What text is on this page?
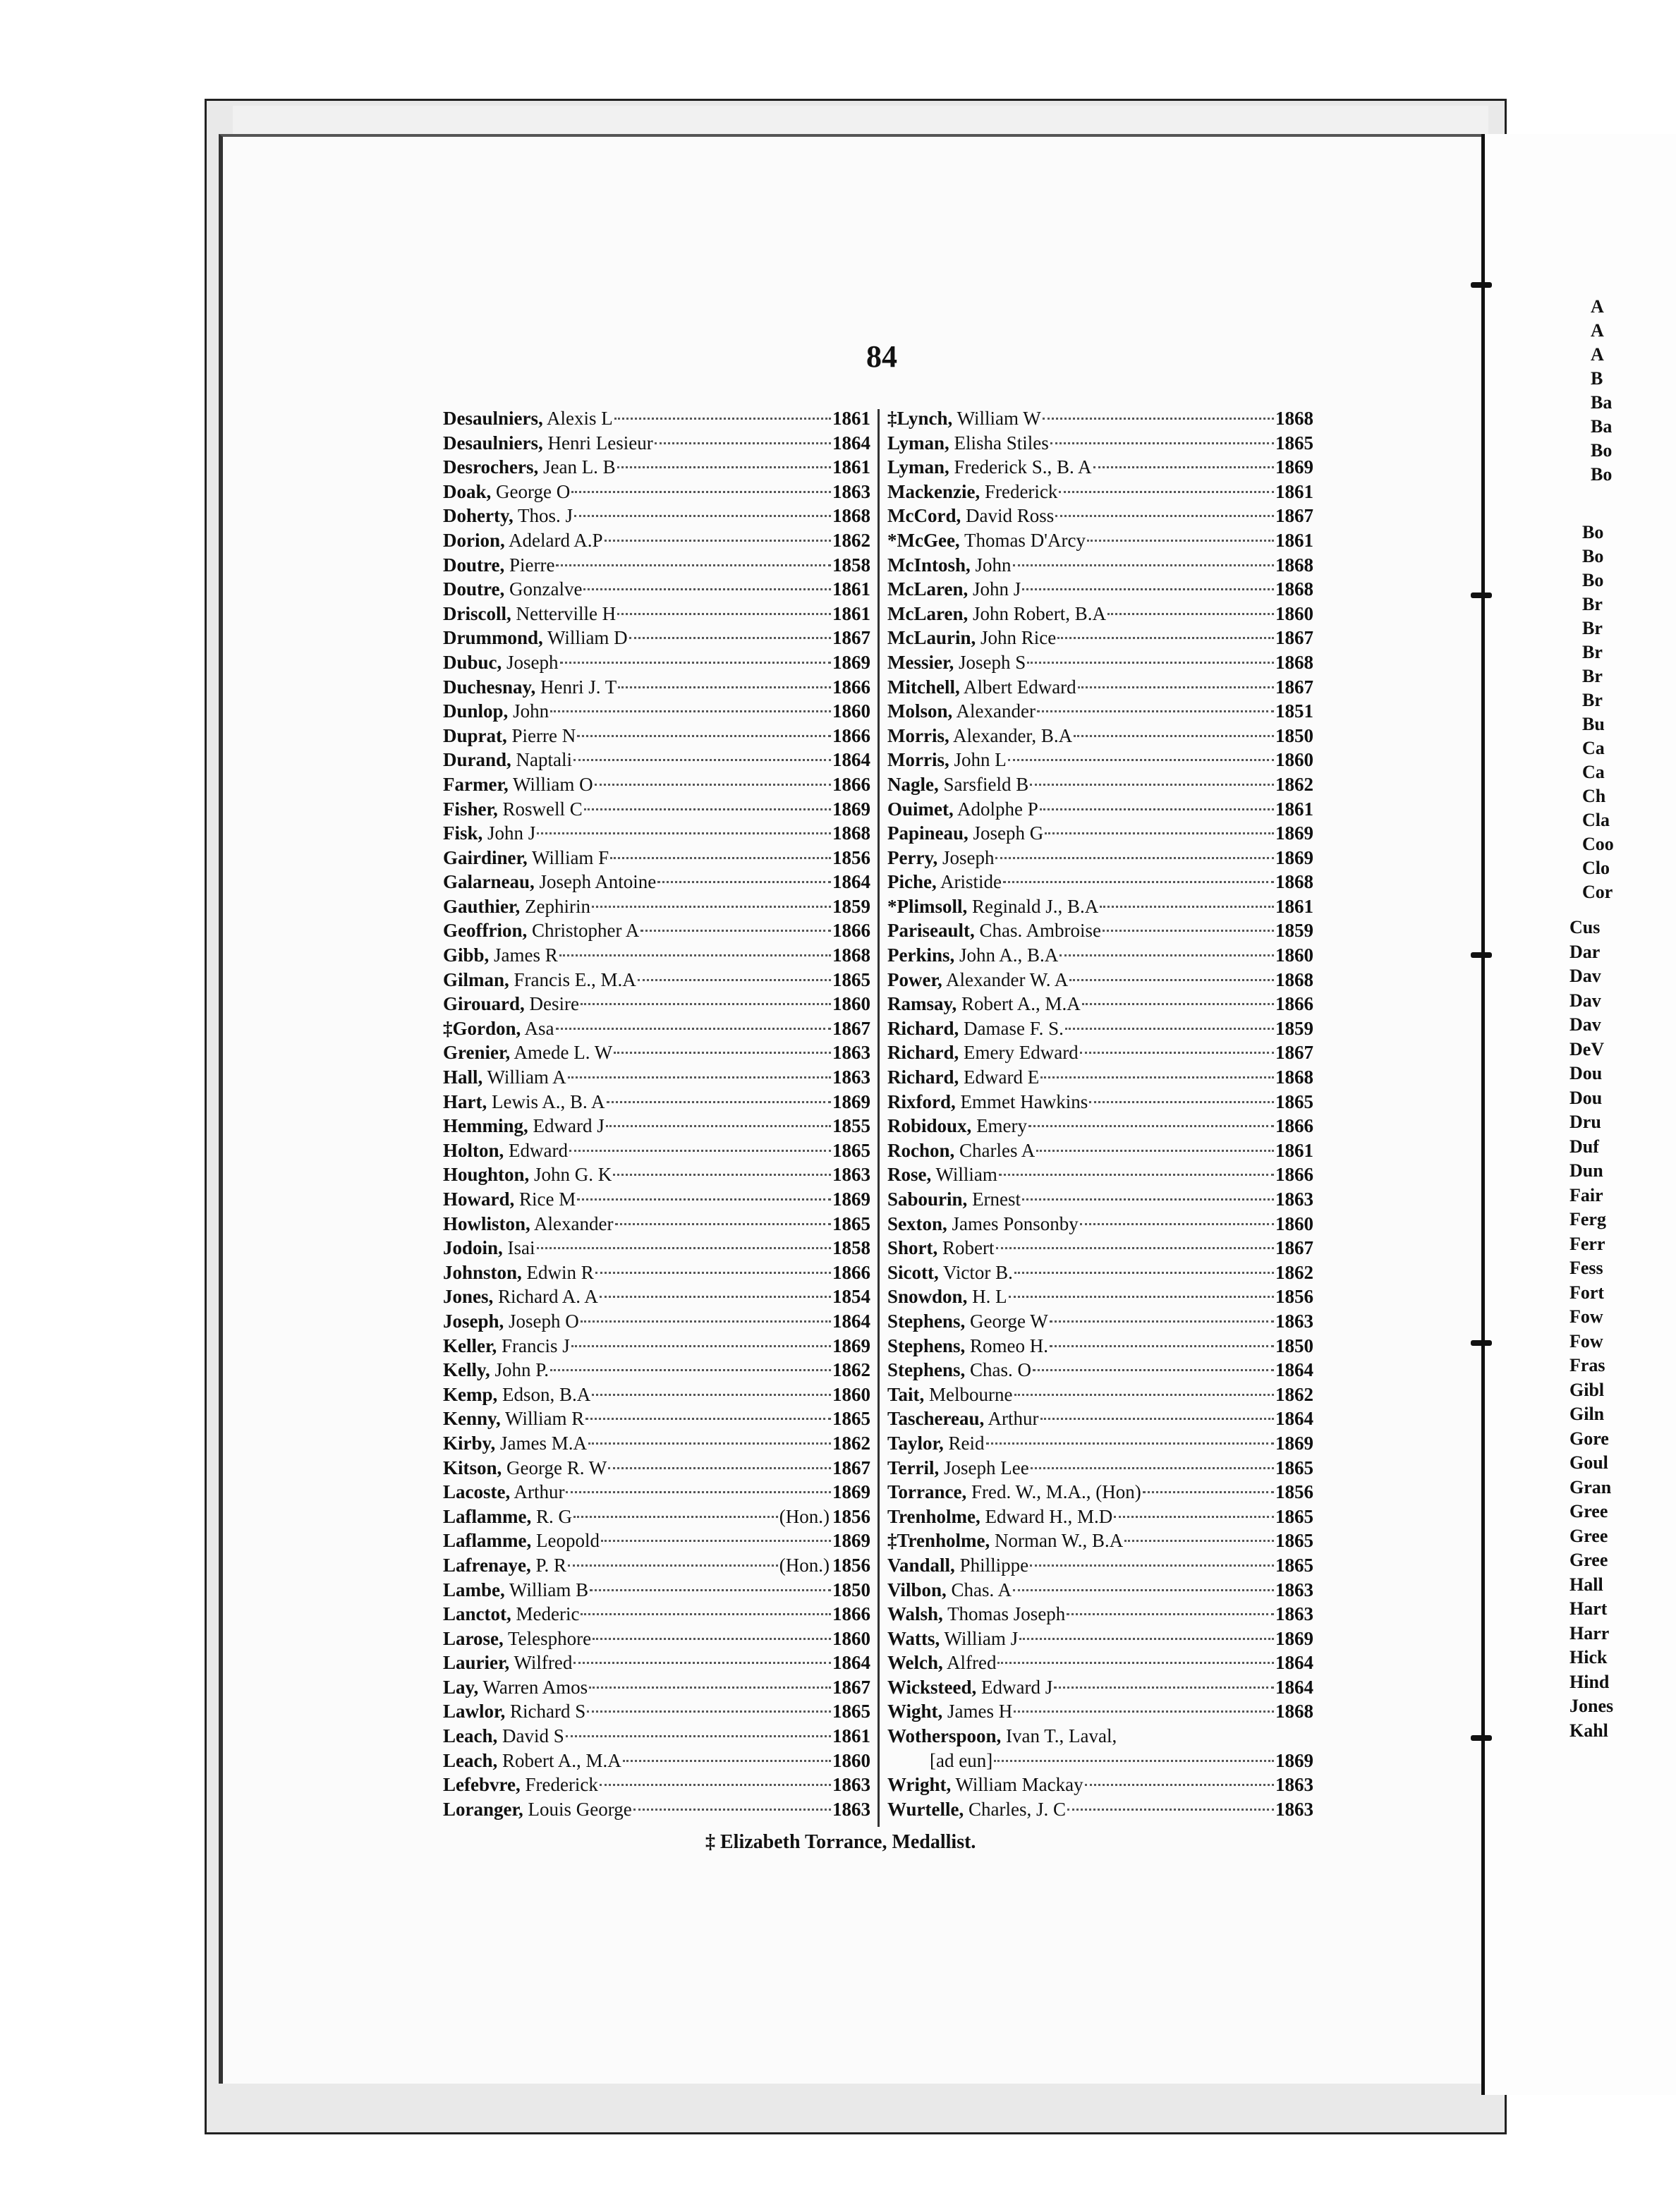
A
A
A
B
Ba
Ba
Bo
Bo
Bo
Bo
Bo
Br
Br
Br
Br
Br
Bu
Ca
Ca
Ch
Cla
Coo
Clo
Cor
Cus
Dar
Dav
Dav
Dav
DeV
Dou
Dou
Dru
Duf
Dun
Fair
Ferg
Ferr
Fess
Fort
Fow
Fow
Fras
Gibl
Giln
Gore
Goul
Gran
Gree
Gree
Gree
Hall
Hart
Harr
Hick
Hind
Jones
Kahl
84
Desaulniers, Alexis L	1861
Desaulniers, Henri Lesieur	1864
Desrochers, Jean L. B	1861
Doak, George O	1863
Doherty, Thos. J	1868
Dorion, Adelard A.P	1862
Doutre, Pierre	1858
Doutre, Gonzalve	1861
Driscoll, Netterville H	1861
Drummond, William D	1867
Dubuc, Joseph	1869
Duchesnay, Henri J. T	1866
Dunlop, John	1860
Duprat, Pierre N	1866
Durand, Naptali	1864
Farmer, William O	1866
Fisher, Roswell C	1869
Fisk, John J	1868
Gairdiner, William F	1856
Galarneau, Joseph Antoine	1864
Gauthier, Zephirin	1859
Geoffrion, Christopher A	1866
Gibb, James R	1868
Gilman, Francis E., M.A	1865
Girouard, Desire	1860
‡Gordon, Asa	1867
Grenier, Amede L. W	1863
Hall, William A	1863
Hart, Lewis A., B. A	1869
Hemming, Edward J	1855
Holton, Edward	1865
Houghton, John G. K	1863
Howard, Rice M	1869
Howliston, Alexander	1865
Jodoin, Isai	1858
Johnston, Edwin R	1866
Jones, Richard A. A	1854
Joseph, Joseph O	1864
Keller, Francis J	1869
Kelly, John P.	1862
Kemp, Edson, B.A	1860
Kenny, William R	1865
Kirby, James M.A	1862
Kitson, George R. W	1867
Lacoste, Arthur	1869
Laflamme, R. G	(Hon.) 1856
Laflamme, Leopold	1869
Lafrenaye, P. R	(Hon.) 1856
Lambe, William B	1850
Lanctot, Mederic	1866
Larose, Telesphore	1860
Laurier, Wilfred	1864
Lay, Warren Amos	1867
Lawlor, Richard S	1865
Leach, David S	1861
Leach, Robert A., M.A	1860
Lefebvre, Frederick	1863
Loranger, Louis George	1863
‡Lynch, William W	1868
Lyman, Elisha Stiles	1865
Lyman, Frederick S., B. A	1869
Mackenzie, Frederick	1861
McCord, David Ross	1867
*McGee, Thomas D'Arcy	1861
McIntosh, John	1868
McLaren, John J	1868
McLaren, John Robert, B.A	1860
McLaurin, John Rice	1867
Messier, Joseph S	1868
Mitchell, Albert Edward	1867
Molson, Alexander	1851
Morris, Alexander, B.A	1850
Morris, John L	1860
Nagle, Sarsfield B	1862
Ouimet, Adolphe P	1861
Papineau, Joseph G	1869
Perry, Joseph	1869
Piche, Aristide	1868
*Plimsoll, Reginald J., B.A	1861
Pariseault, Chas. Ambroise	1859
Perkins, John A., B.A	1860
Power, Alexander W. A	1868
Ramsay, Robert A., M.A	1866
Richard, Damase F. S.	1859
Richard, Emery Edward	1867
Richard, Edward E	1868
Rixford, Emmet Hawkins	1865
Robidoux, Emery	1866
Rochon, Charles A	1861
Rose, William	1866
Sabourin, Ernest	1863
Sexton, James Ponsonby	1860
Short, Robert	1867
Sicott, Victor B.	1862
Snowdon, H. L	1856
Stephens, George W	1863
Stephens, Romeo H.	1850
Stephens, Chas. O	1864
Tait, Melbourne	1862
Taschereau, Arthur	1864
Taylor, Reid	1869
Terril, Joseph Lee	1865
Torrance, Fred. W., M.A., (Hon)	1856
Trenholme, Edward H., M.D	1865
‡Trenholme, Norman W., B.A	1865
Vandall, Phillippe	1865
Vilbon, Chas. A	1863
Walsh, Thomas Joseph	1863
Watts, William J	1869
Welch, Alfred	1864
Wicksteed, Edward J	1864
Wight, James H	1868
Wotherspoon, Ivan T., Laval,
[ad eun]	1869
Wright, William Mackay	1863
Wurtelle, Charles, J. C	1863
‡ Elizabeth Torrance, Medallist.
